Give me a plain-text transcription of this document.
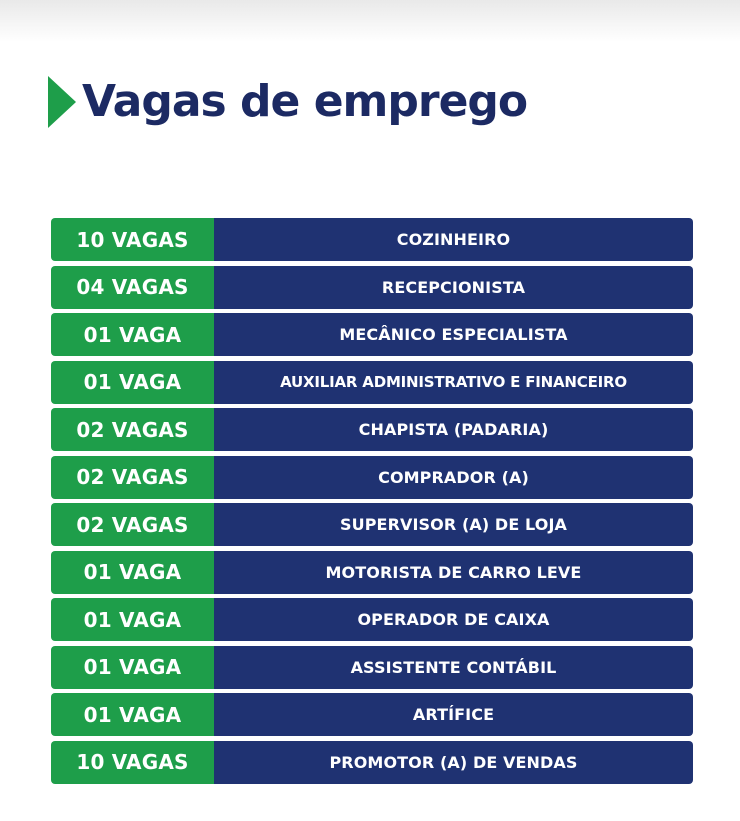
Vagas de emprego
10 VAGAS	COZINHEIRO
04 VAGAS	RECEPCIONISTA
01 VAGA	MECÂNICO ESPECIALISTA
01 VAGA	AUXILIAR ADMINISTRATIVO E FINANCEIRO
02 VAGAS	CHAPISTA (PADARIA)
02 VAGAS	COMPRADOR (A)
02 VAGAS	SUPERVISOR (A) DE LOJA
01 VAGA	MOTORISTA DE CARRO LEVE
01 VAGA	OPERADOR DE CAIXA
01 VAGA	ASSISTENTE CONTÁBIL
01 VAGA	ARTÍFICE
10 VAGAS	PROMOTOR (A) DE VENDAS
